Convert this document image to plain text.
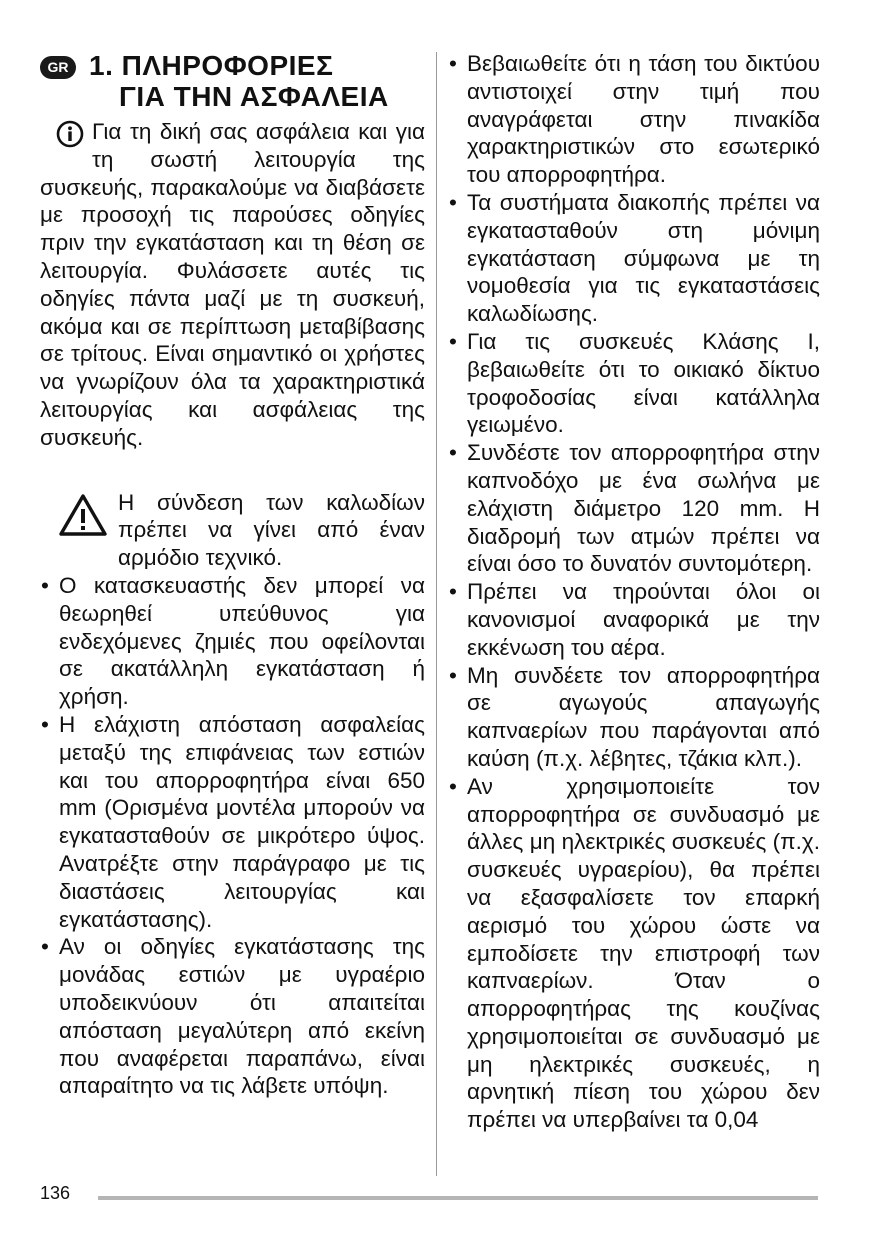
GR 1. ΠΛΗΡΟΦΟΡΙΕΣ
ΓΙΑ ΤΗΝ ΑΣΦΑΛΕΙΑ
Για τη δική σας ασφάλεια και για τη σωστή λειτουργία της συσκευής, παρακαλούμε να διαβάσετε με προσοχή τις παρούσες οδηγίες πριν την εγκατάσταση και τη θέση σε λειτουργία. Φυλάσσετε αυτές τις οδηγίες πάντα μαζί με τη συσκευή, ακόμα και σε περίπτωση μεταβίβασης σε τρίτους. Είναι σημαντικό οι χρήστες να γνωρίζουν όλα τα χαρακτηριστικά λειτουργίας και ασφάλειας της συσκευής.
Η σύνδεση των καλωδίων πρέπει να γίνει από έναν αρμόδιο τεχνικό.
• Ο κατασκευαστής δεν μπορεί να θεωρηθεί υπεύθυνος για ενδεχόμενες ζημιές που οφείλονται σε ακατάλληλη εγκατάσταση ή χρήση.
• Η ελάχιστη απόσταση ασφαλείας μεταξύ της επιφάνειας των εστιών και του απορροφητήρα είναι 650 mm (Ορισμένα μοντέλα μπορούν να εγκατασταθούν σε μικρότερο ύψος. Ανατρέξτε στην παράγραφο με τις διαστάσεις λειτουργίας και εγκατάστασης).
• Αν οι οδηγίες εγκατάστασης της μονάδας εστιών με υγραέριο υποδεικνύουν ότι απαιτείται απόσταση μεγαλύτερη από εκείνη που αναφέρεται παραπάνω, είναι απαραίτητο να τις λάβετε υπόψη.
• Βεβαιωθείτε ότι η τάση του δικτύου αντιστοιχεί στην τιμή που αναγράφεται στην πινακίδα χαρακτηριστικών στο εσωτερικό του απορροφητήρα.
• Τα συστήματα διακοπής πρέπει να εγκατασταθούν στη μόνιμη εγκατάσταση σύμφωνα με τη νομοθεσία για τις εγκαταστάσεις καλωδίωσης.
• Για τις συσκευές Κλάσης Ι, βεβαιωθείτε ότι το οικιακό δίκτυο τροφοδοσίας είναι κατάλληλα γειωμένο.
• Συνδέστε τον απορροφητήρα στην καπνοδόχο με ένα σωλήνα με ελάχιστη διάμετρο 120 mm. Η διαδρομή των ατμών πρέπει να είναι όσο το δυνατόν συντομότερη.
• Πρέπει να τηρούνται όλοι οι κανονισμοί αναφορικά με την εκκένωση του αέρα.
• Μη συνδέετε τον απορροφητήρα σε αγωγούς απαγωγής καπναερίων που παράγονται από καύση (π.χ. λέβητες, τζάκια κλπ.).
• Αν χρησιμοποιείτε τον απορροφητήρα σε συνδυασμό με άλλες μη ηλεκτρικές συσκευές (π.χ. συσκευές υγραερίου), θα πρέπει να εξασφαλίσετε τον επαρκή αερισμό του χώρου ώστε να εμποδίσετε την επιστροφή των καπναερίων. Όταν ο απορροφητήρας της κουζίνας χρησιμοποιείται σε συνδυασμό με μη ηλεκτρικές συσκευές, η αρνητική πίεση του χώρου δεν πρέπει να υπερβαίνει τα 0,04
136
